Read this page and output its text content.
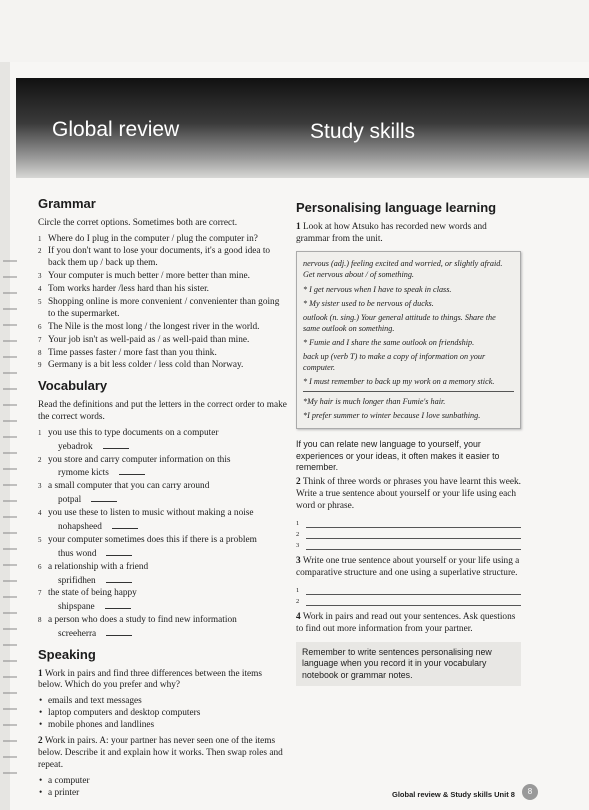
Global review	Study skills
Grammar

Circle the corret options. Sometimes both are correct.

1 Where do I plug in the computer / plug the computer in?
2 If you don't want to lose your documents, it's a good idea to back them up / back up them.
3 Your computer is much better / more better than mine.
4 Tom works harder /less hard than his sister.
5 Shopping online is more convenient / convenienter than going to the supermarket.
6 The Nile is the most long / the longest river in the world.
7 Your job isn't as well-paid as / as well-paid than mine.
8 Time passes faster / more fast than you think.
9 Germany is a bit less colder / less cold than Norway.
Vocabulary

Read the definitions and put the letters in the correct order to make the correct words.

1 you use this to type documents on a computer
yebadrok
2 you store and carry computer information on this
rymome kicts
3 a small computer that you can carry around
potpal
4 you use these to listen to music without making a noise
nohapsheed
5 your computer sometimes does this if there is a problem
thus wond
6 a relationship with a friend
sprifidhen
7 the state of being happy
shipspane
8 a person who does a study to find new information
screeherra
Speaking

1 Work in pairs and find three differences between the items below. Which do you prefer and why?

• emails and text messages
• laptop computers and desktop computers
• mobile phones and landlines

2 Work in pairs. A: your partner has never seen one of the items below. Describe it and explain how it works. Then swap roles and repeat.

• a computer
• a printer
Personalising language learning

1 Look at how Atsuko has recorded new words and grammar from the unit.

nervous (adj.) feeling excited and worried, or slightly afraid. Get nervous about / of something.

* I get nervous when I have to speak in class.

* My sister used to be nervous of ducks.

outlook (n. sing.) Your general attitude to things. Share the same outlook on something.

* Fumie and I share the same outlook on friendship.

back up (verb T) to make a copy of information on your computer.

* I must remember to back up my work on a memory stick.

*My hair is much longer than Fumie's hair.

*I prefer summer to winter because I love sunbathing.

If you can relate new language to yourself, your experiences or your ideas, it often makes it easier to remember.

2 Think of three words or phrases you have learnt this week. Write a true sentence about yourself or your life using each word or phrase.

1
2
3

3 Write one true sentence about yourself or your life using a comparative structure and one using a superlative structure.

1
2

4 Work in pairs and read out your sentences. Ask questions to find out more information from your partner.

Remember to write sentences personalising new language when you record it in your vocabulary notebook or grammar notes.
Global review & Study skills Unit 8	8
